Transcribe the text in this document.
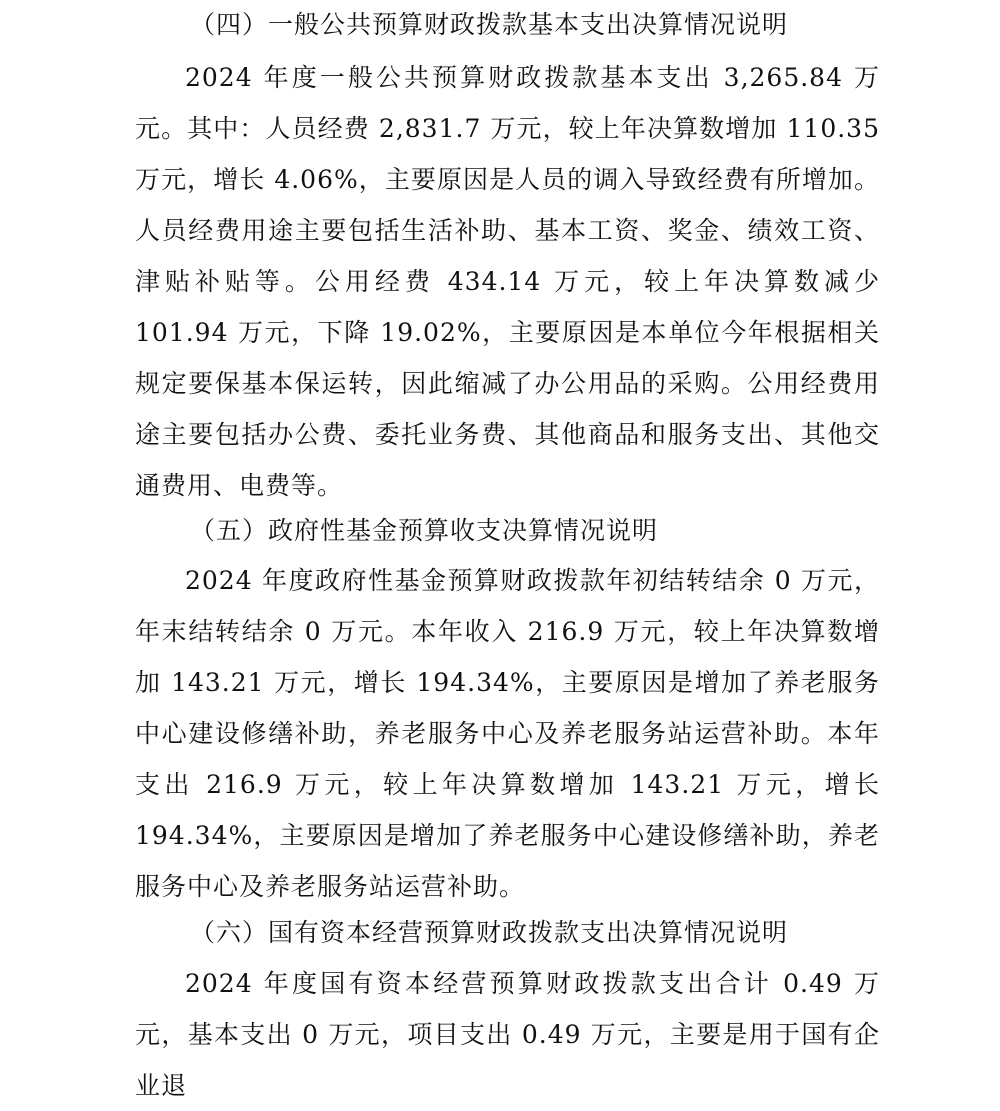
（四）一般公共预算财政拨款基本支出决算情况说明

2024 年度一般公共预算财政拨款基本支出 3,265.84 万元。其中：人员经费 2,831.7 万元，较上年决算数增加 110.35 万元，增长 4.06%，主要原因是人员的调入导致经费有所增加。人员经费用途主要包括生活补助、基本工资、奖金、绩效工资、津贴补贴等。公用经费 434.14 万元，较上年决算数减少 101.94 万元，下降 19.02%，主要原因是本单位今年根据相关规定要保基本保运转，因此缩减了办公用品的采购。公用经费用途主要包括办公费、委托业务费、其他商品和服务支出、其他交通费用、电费等。

（五）政府性基金预算收支决算情况说明

2024 年度政府性基金预算财政拨款年初结转结余 0 万元，年末结转结余 0 万元。本年收入 216.9 万元，较上年决算数增加 143.21 万元，增长 194.34%，主要原因是增加了养老服务中心建设修缮补助，养老服务中心及养老服务站运营补助。本年支出 216.9 万元，较上年决算数增加 143.21 万元，增长 194.34%，主要原因是增加了养老服务中心建设修缮补助，养老服务中心及养老服务站运营补助。

（六）国有资本经营预算财政拨款支出决算情况说明

2024 年度国有资本经营预算财政拨款支出合计 0.49 万元，基本支出 0 万元，项目支出 0.49 万元，主要是用于国有企业退
